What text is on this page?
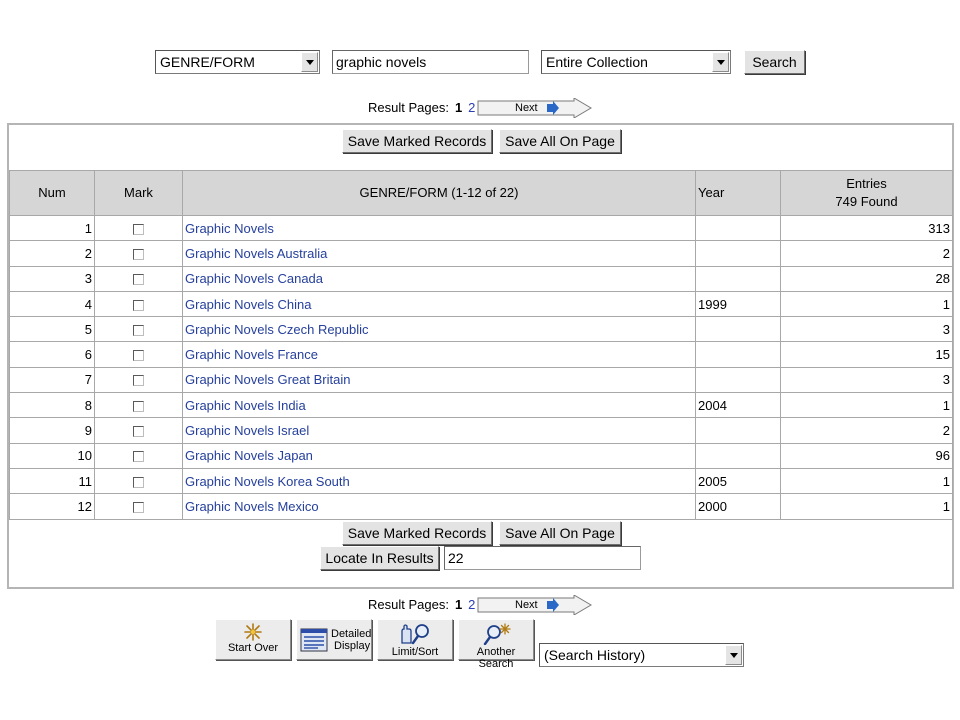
GENRE/FORM
graphic novels	Entire Collection	Search
Result Pages: 1 2	Next
Save Marked Records	Save All On Page
Num	Mark	GENRE/FORM (1-12 of 22)	Year	Entries
749 Found
1		Graphic Novels		313
2		Graphic Novels Australia		2
3		Graphic Novels Canada		28
4		Graphic Novels China	1999	1
5		Graphic Novels Czech Republic		3
6		Graphic Novels France		15
7		Graphic Novels Great Britain		3
8		Graphic Novels India	2004	1
9		Graphic Novels Israel		2
10		Graphic Novels Japan		96
11		Graphic Novels Korea South	2005	1
12		Graphic Novels Mexico	2000	1
Save Marked Records	Save All On Page
Locate In Results
22
Result Pages: 1 2	Next
Start Over
Detailed
Display	Limit/Sort	Another Search
(Search History)
